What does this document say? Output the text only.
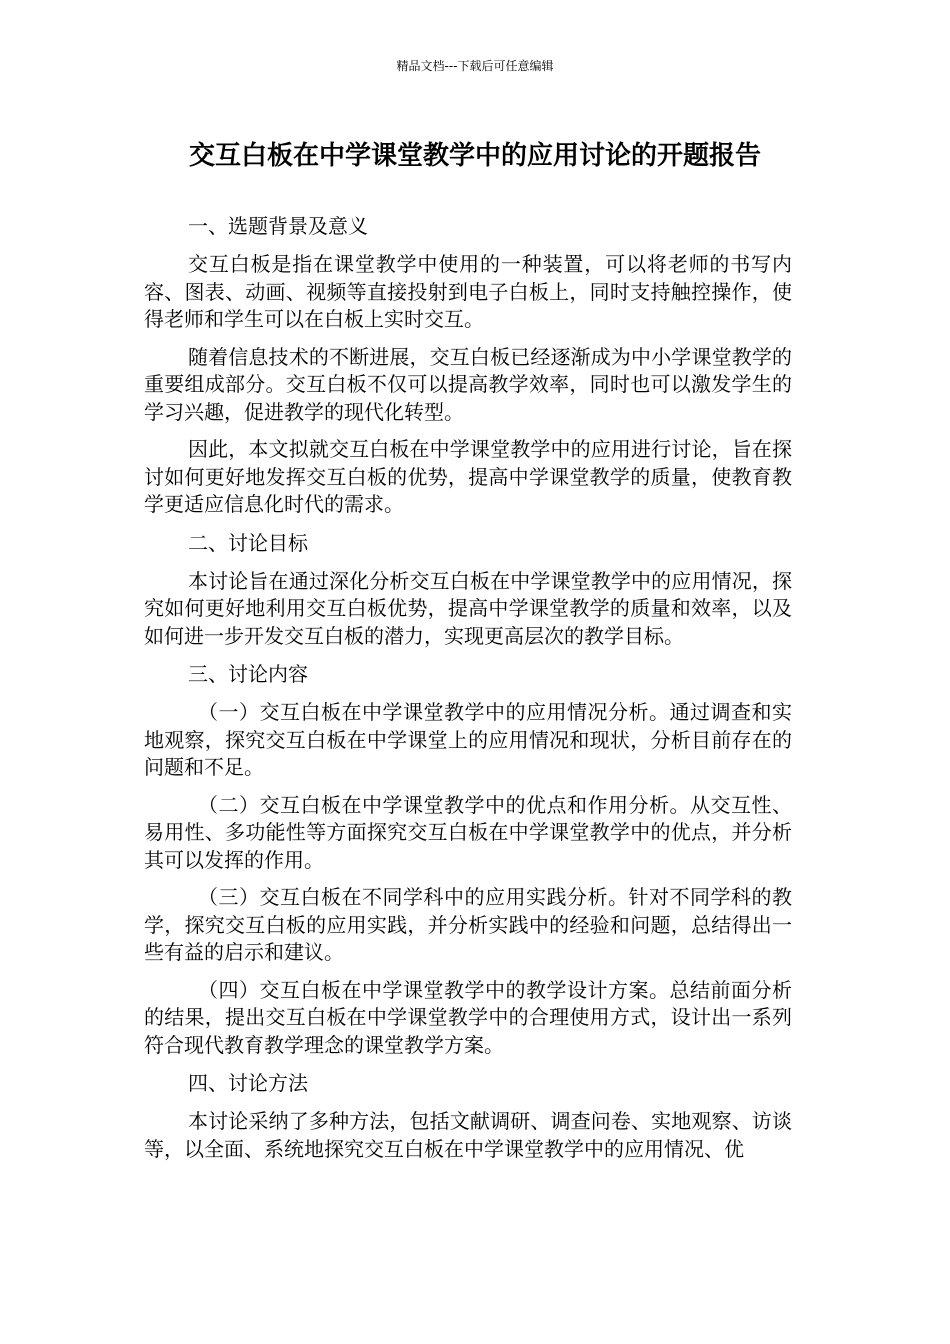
精品文档---下载后可任意编辑
交互白板在中学课堂教学中的应用讨论的开题报告

一、选题背景及意义

交互白板是指在课堂教学中使用的一种装置，可以将老师的书写内容、图表、动画、视频等直接投射到电子白板上，同时支持触控操作，使得老师和学生可以在白板上实时交互。

随着信息技术的不断进展，交互白板已经逐渐成为中小学课堂教学的重要组成部分。交互白板不仅可以提高教学效率，同时也可以激发学生的学习兴趣，促进教学的现代化转型。

因此，本文拟就交互白板在中学课堂教学中的应用进行讨论，旨在探讨如何更好地发挥交互白板的优势，提高中学课堂教学的质量，使教育教学更适应信息化时代的需求。

二、讨论目标

本讨论旨在通过深化分析交互白板在中学课堂教学中的应用情况，探究如何更好地利用交互白板优势，提高中学课堂教学的质量和效率，以及如何进一步开发交互白板的潜力，实现更高层次的教学目标。

三、讨论内容

（一）交互白板在中学课堂教学中的应用情况分析。通过调查和实地观察，探究交互白板在中学课堂上的应用情况和现状，分析目前存在的问题和不足。

（二）交互白板在中学课堂教学中的优点和作用分析。从交互性、易用性、多功能性等方面探究交互白板在中学课堂教学中的优点，并分析其可以发挥的作用。

（三）交互白板在不同学科中的应用实践分析。针对不同学科的教学，探究交互白板的应用实践，并分析实践中的经验和问题，总结得出一些有益的启示和建议。

（四）交互白板在中学课堂教学中的教学设计方案。总结前面分析的结果，提出交互白板在中学课堂教学中的合理使用方式，设计出一系列符合现代教育教学理念的课堂教学方案。

四、讨论方法

本讨论采纳了多种方法，包括文献调研、调查问卷、实地观察、访谈等，以全面、系统地探究交互白板在中学课堂教学中的应用情况、优
